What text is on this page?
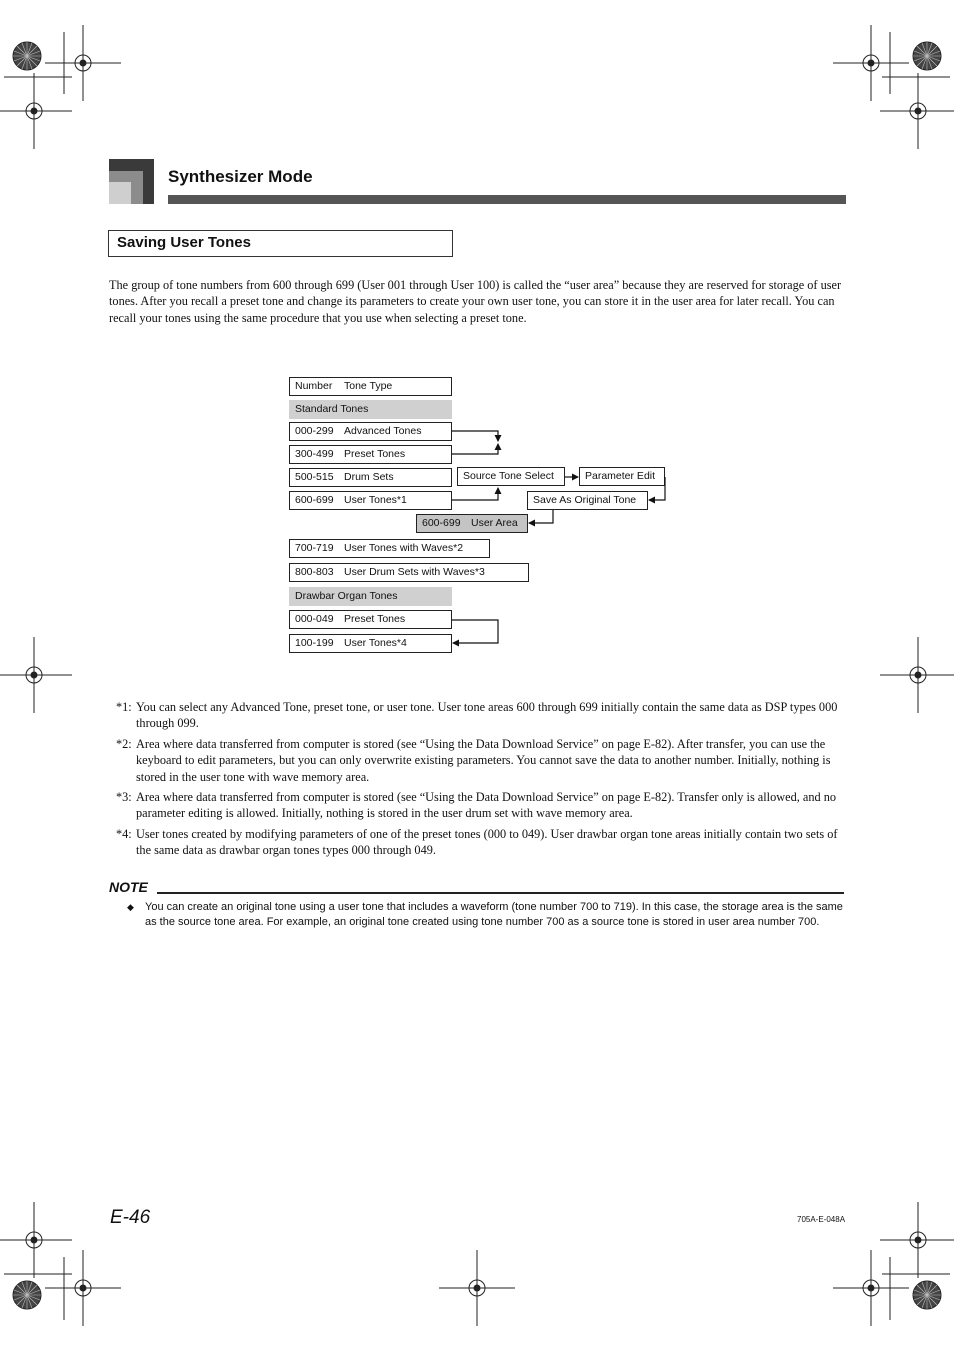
Synthesizer Mode
Saving User Tones
The group of tone numbers from 600 through 699 (User 001 through User 100) is called the “user area” because they are reserved for storage of user tones. After you recall a preset tone and change its parameters to create your own user tone, you can store it in the user area for later recall. You can recall your tones using the same procedure that you use when selecting a preset tone.
Number Tone Type
Standard Tones
000-299 Advanced Tones
300-499 Preset Tones
500-515 Drum Sets
600-699 User Tones*1
Source Tone Select	Parameter Edit
Save As Original Tone
600-699 User Area
700-719 User Tones with Waves*2
800-803 User Drum Sets with Waves*3
Drawbar Organ Tones
000-049 Preset Tones
100-199 User Tones*4
*1: You can select any Advanced Tone, preset tone, or user tone. User tone areas 600 through 699 initially contain the same data as DSP types 000 through 099.
*2: Area where data transferred from computer is stored (see “Using the Data Download Service” on page E-82). After transfer, you can use the keyboard to edit parameters, but you can only overwrite existing parameters. You cannot save the data to another number. Initially, nothing is stored in the user tone with wave memory area.
*3: Area where data transferred from computer is stored (see “Using the Data Download Service” on page E-82). Transfer only is allowed, and no parameter editing is allowed. Initially, nothing is stored in the user drum set with wave memory area.
*4: User tones created by modifying parameters of one of the preset tones (000 to 049). User drawbar organ tone areas initially contain two sets of the same data as drawbar organ tones types 000 through 049.
NOTE
◆ You can create an original tone using a user tone that includes a waveform (tone number 700 to 719). In this case, the storage area is the same as the source tone area. For example, an original tone created using tone number 700 as a source tone is stored in user area number 700.
E-46	705A-E-048A
